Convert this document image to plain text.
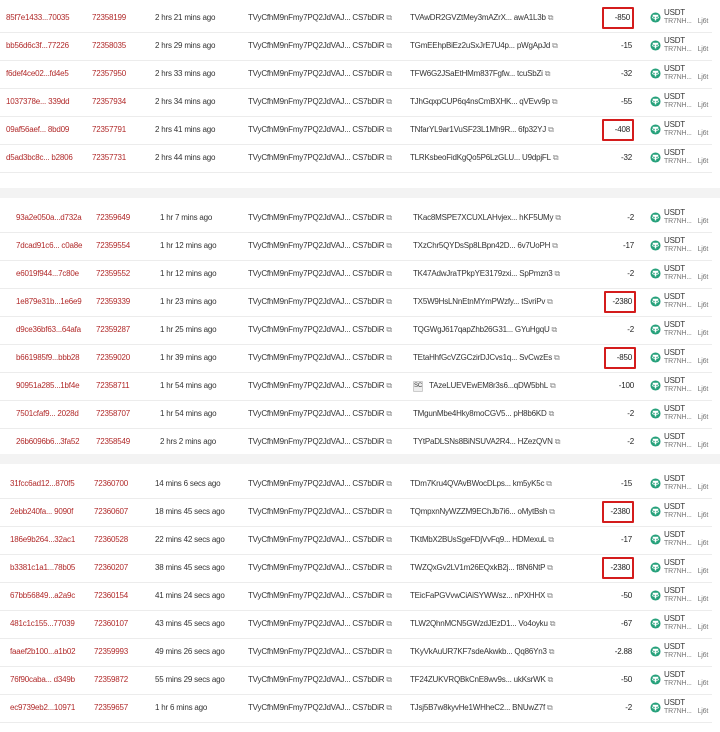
85f7e1433...70035	72358199	2 hrs 21 mins ago	TVyCfhM9nFmy7PQ2JdVAJ... CS7bDiR ⧉ TVAwDR2GVZtMey3mAZrX... awA1L3b ⧉	-850
USDT
TR7NH... Lj6t
bb56d6c3f...77226	72358035	2 hrs 29 mins ago	TVyCfhM9nFmy7PQ2JdVAJ... CS7bDiR ⧉ TGmEEhpBiEz2uSxJrE7U4p... pWgApJd ⧉	-15
USDT
TR7NH... Lj6t
f6def4ce02...fd4e5	72357950	2 hrs 33 mins ago	TVyCfhM9nFmy7PQ2JdVAJ... CS7bDiR ⧉ TFW6G2JSaEtHMm837Fgfw... tcuSbZi ⧉	-32
USDT
TR7NH... Lj6t
1037378e... 339dd	72357934	2 hrs 34 mins ago	TVyCfhM9nFmy7PQ2JdVAJ... CS7bDiR ⧉ TJhGqxpCUP6q4nsCmBXHK... qVEvv9p ⧉	-55
USDT
TR7NH... Lj6t
09af56aef... 8bd09	72357791	2 hrs 41 mins ago	TVyCfhM9nFmy7PQ2JdVAJ... CS7bDiR ⧉ TNfarYL9ar1VuSF23L1Mh9R... 6fp32YJ ⧉	-408
USDT
TR7NH... Lj6t
d5ad3bc8c... b2806 72357731	2 hrs 44 mins ago	TVyCfhM9nFmy7PQ2JdVAJ... CS7bDiR ⧉ TLRKsbeoFidKgQo5P6LzGLU... U9dpjFL ⧉	-32
USDT
TR7NH... Lj6t
93a2e050a...d732a 72359649	1 hr 7 mins ago	TVyCfhM9nFmy7PQ2JdVAJ... CS7bDiR ⧉	TKac8MSPE7XCUXLAHvjex... hKF5UMy ⧉	-2
USDT
TR7NH... Lj6t
7dcad91c6... c0a8e 72359554	1 hr 12 mins ago	TVyCfhM9nFmy7PQ2JdVAJ... CS7bDiR ⧉	TXzChr5QYDsSp8LBpn42D... 6v7UoPH ⧉	-17
USDT
TR7NH... Lj6t
e6019f944...7c80e 72359552	1 hr 12 mins ago	TVyCfhM9nFmy7PQ2JdVAJ... CS7bDiR ⧉	TK47AdwJraTPkpYE3179zxi... SpPmzn3 ⧉	-2
USDT
TR7NH... Lj6t
1e879e31b...1e6e9 72359339	1 hr 23 mins ago	TVyCfhM9nFmy7PQ2JdVAJ... CS7bDiR ⧉	TX5W9HsLNnEtnMYmPWzfy... tSvriPv ⧉	-2380
USDT
TR7NH... Lj6t
d9ce36bf63...64afa 72359287	1 hr 25 mins ago	TVyCfhM9nFmy7PQ2JdVAJ... CS7bDiR ⧉	TQGWgJ617qapZhb26G31... GYuHgqU ⧉	-2
USDT
TR7NH... Lj6t
b661985f9...bbb28 72359020	1 hr 39 mins ago	TVyCfhM9nFmy7PQ2JdVAJ... CS7bDiR ⧉	TEtaHhfGcVZGCzirDJCvs1q... SvCwzEs ⧉	-850
USDT
TR7NH... Lj6t
90951a285...1bf4e 72358711	1 hr 54 mins ago	TVyCfhM9nFmy7PQ2JdVAJ... CS7bDiR ⧉	SC TAzeLUEVEwEM8r3s6...qDW5bhL ⧉	-100
USDT
TR7NH... Lj6t
7501cfaf9... 2028d 72358707	1 hr 54 mins ago	TVyCfhM9nFmy7PQ2JdVAJ... CS7bDiR ⧉	TMgunMbe4Hky8moCGV5... pH8b6KD ⧉	-2
USDT
TR7NH... Lj6t
26b6096b6...3fa52 72358549	2 hrs 2 mins ago	TVyCfhM9nFmy7PQ2JdVAJ... CS7bDiR ⧉	TYtPaDLSNs8BiNSUVA2R4... HZezQVN ⧉	-2
USDT
TR7NH... Lj6t
31fcc6ad12...870f5 72360700	14 mins 6 secs ago	TVyCfhM9nFmy7PQ2JdVAJ... CS7bDiR ⧉ TDm7Kru4QVAvBWocDLps... km5yK5c ⧉	-15
USDT
TR7NH... Lj6t
2ebb240fa... 9090f	72360607	18 mins 45 secs ago	TVyCfhM9nFmy7PQ2JdVAJ... CS7bDiR ⧉ TQmpxnNyWZZM9EChJb7i6... oMytBsh ⧉	-2380
USDT
TR7NH... Lj6t
186e9b264...32ac1 72360528	22 mins 42 secs ago	TVyCfhM9nFmy7PQ2JdVAJ... CS7bDiR ⧉ TKtMbX2BUsSgeFDjVvFq9... HDMexuL ⧉	-17
USDT
TR7NH... Lj6t
b3381c1a1...78b05 72360207	38 mins 45 secs ago	TVyCfhM9nFmy7PQ2JdVAJ... CS7bDiR ⧉ TWZQxGv2LV1m26EQxkB2j... f8N6NtP ⧉	-2380
USDT
TR7NH... Lj6t
67bb56849...a2a9c 72360154	41 mins 24 secs ago	TVyCfhM9nFmy7PQ2JdVAJ... CS7bDiR ⧉ TEicFaPGVvwCiAiSYWWsz... nPXHHX ⧉	-50
USDT
TR7NH... Lj6t
481c1c155...77039 72360107	43 mins 45 secs ago	TVyCfhM9nFmy7PQ2JdVAJ... CS7bDiR ⧉ TLW2QhnMCN5GWzdJEzD1... Vo4oyku ⧉	-67
USDT
TR7NH... Lj6t
faaef2b100...a1b02 72359993	49 mins 26 secs ago	TVyCfhM9nFmy7PQ2JdVAJ... CS7bDiR ⧉ TKyVkAuUR7KF7sdeAkwkb... Qq86Yn3 ⧉	-2.88
USDT
TR7NH... Lj6t
76f90caba... d349b 72359872	55 mins 29 secs ago	TVyCfhM9nFmy7PQ2JdVAJ... CS7bDiR ⧉ TF24ZUKVRQBkCnE8wv9s... ukKsrWK ⧉	-50
USDT
TR7NH... Lj6t
ec9739eb2...10971 72359657	1 hr 6 mins ago	TVyCfhM9nFmy7PQ2JdVAJ... CS7bDiR ⧉ TJsj5B7w8kyvHe1WHheC2... BNUwZ7f ⧉	-2
USDT
TR7NH... Lj6t
